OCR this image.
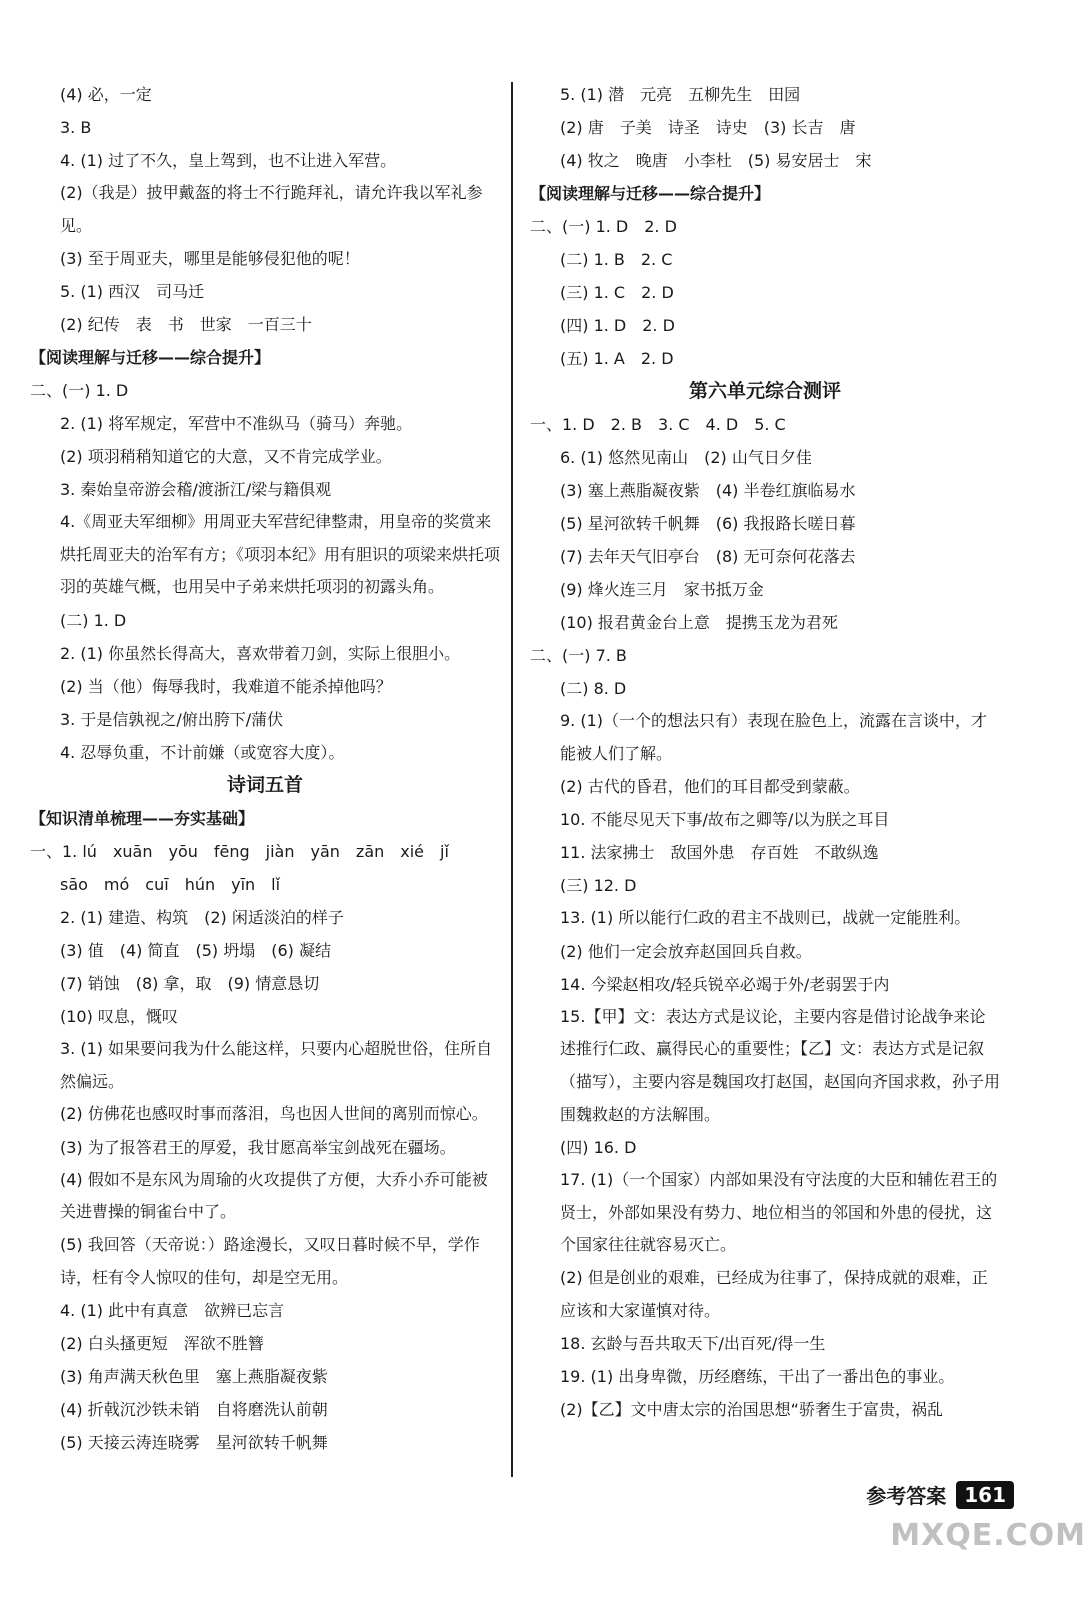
(4) 必，一定
3. B
4. (1) 过了不久，皇上驾到，也不让进入军营。
(2)（我是）披甲戴盔的将士不行跪拜礼，请允许我以军礼参见。
(3) 至于周亚夫，哪里是能够侵犯他的呢！
5. (1) 西汉　司马迁
(2) 纪传　表　书　世家　一百三十
【阅读理解与迁移——综合提升】
二、(一) 1. D
2. (1) 将军规定，军营中不准纵马（骑马）奔驰。
(2) 项羽稍稍知道它的大意，又不肯完成学业。
3. 秦始皇帝游会稽/渡浙江/梁与籍俱观
4.《周亚夫军细柳》用周亚夫军营纪律整肃，用皇帝的奖赏来烘托周亚夫的治军有方；《项羽本纪》用有胆识的项梁来烘托项羽的英雄气概，也用吴中子弟来烘托项羽的初露头角。
(二) 1. D
2. (1) 你虽然长得高大，喜欢带着刀剑，实际上很胆小。
(2) 当（他）侮辱我时，我难道不能杀掉他吗？
3. 于是信孰视之/俯出胯下/蒲伏
4. 忍辱负重，不计前嫌（或宽容大度）。
诗词五首
【知识清单梳理——夯实基础】
一、1. lú　xuān　yōu　fēng　jiàn　yān　zān　xié　jǐ
sāo　mó　cuī　hún　yīn　lǐ
2. (1) 建造、构筑　(2) 闲适淡泊的样子
(3) 值　(4) 简直　(5) 坍塌　(6) 凝结
(7) 销蚀　(8) 拿，取　(9) 情意恳切
(10) 叹息，慨叹
3. (1) 如果要问我为什么能这样，只要内心超脱世俗，住所自然偏远。
(2) 仿佛花也感叹时事而落泪，鸟也因人世间的离别而惊心。
(3) 为了报答君王的厚爱，我甘愿高举宝剑战死在疆场。
(4) 假如不是东风为周瑜的火攻提供了方便，大乔小乔可能被关进曹操的铜雀台中了。
(5) 我回答（天帝说：）路途漫长，又叹日暮时候不早，学作诗，枉有令人惊叹的佳句，却是空无用。
4. (1) 此中有真意　欲辨已忘言
(2) 白头搔更短　浑欲不胜簪
(3) 角声满天秋色里　塞上燕脂凝夜紫
(4) 折戟沉沙铁未销　自将磨洗认前朝
(5) 天接云涛连晓雾　星河欲转千帆舞
5. (1) 潜　元亮　五柳先生　田园
(2) 唐　子美　诗圣　诗史　(3) 长吉　唐
(4) 牧之　晚唐　小李杜　(5) 易安居士　宋
【阅读理解与迁移——综合提升】
二、(一) 1. D　2. D
(二) 1. B　2. C
(三) 1. C　2. D
(四) 1. D　2. D
(五) 1. A　2. D
第六单元综合测评
一、1. D　2. B　3. C　4. D　5. C
6. (1) 悠然见南山　(2) 山气日夕佳
(3) 塞上燕脂凝夜紫　(4) 半卷红旗临易水
(5) 星河欲转千帆舞　(6) 我报路长嗟日暮
(7) 去年天气旧亭台　(8) 无可奈何花落去
(9) 烽火连三月　家书抵万金
(10) 报君黄金台上意　提携玉龙为君死
二、(一) 7. B
(二) 8. D
9. (1)（一个的想法只有）表现在脸色上，流露在言谈中，才能被人们了解。
(2) 古代的昏君，他们的耳目都受到蒙蔽。
10. 不能尽见天下事/故布之卿等/以为朕之耳目
11. 法家拂士　敌国外患　存百姓　不敢纵逸
(三) 12. D
13. (1) 所以能行仁政的君主不战则已，战就一定能胜利。
(2) 他们一定会放弃赵国回兵自救。
14. 今梁赵相攻/轻兵锐卒必竭于外/老弱罢于内
15.【甲】文：表达方式是议论，主要内容是借讨论战争来论述推行仁政、赢得民心的重要性；【乙】文：表达方式是记叙（描写），主要内容是魏国攻打赵国，赵国向齐国求救，孙子用围魏救赵的方法解围。
(四) 16. D
17. (1)（一个国家）内部如果没有守法度的大臣和辅佐君王的贤士，外部如果没有势力、地位相当的邻国和外患的侵扰，这个国家往往就容易灭亡。
(2) 但是创业的艰难，已经成为往事了，保持成就的艰难，正应该和大家谨慎对待。
18. 玄龄与吾共取天下/出百死/得一生
19. (1) 出身卑微，历经磨练，干出了一番出色的事业。
(2)【乙】文中唐太宗的治国思想“骄奢生于富贵，祸乱
参考答案 161
MXQE.COM
